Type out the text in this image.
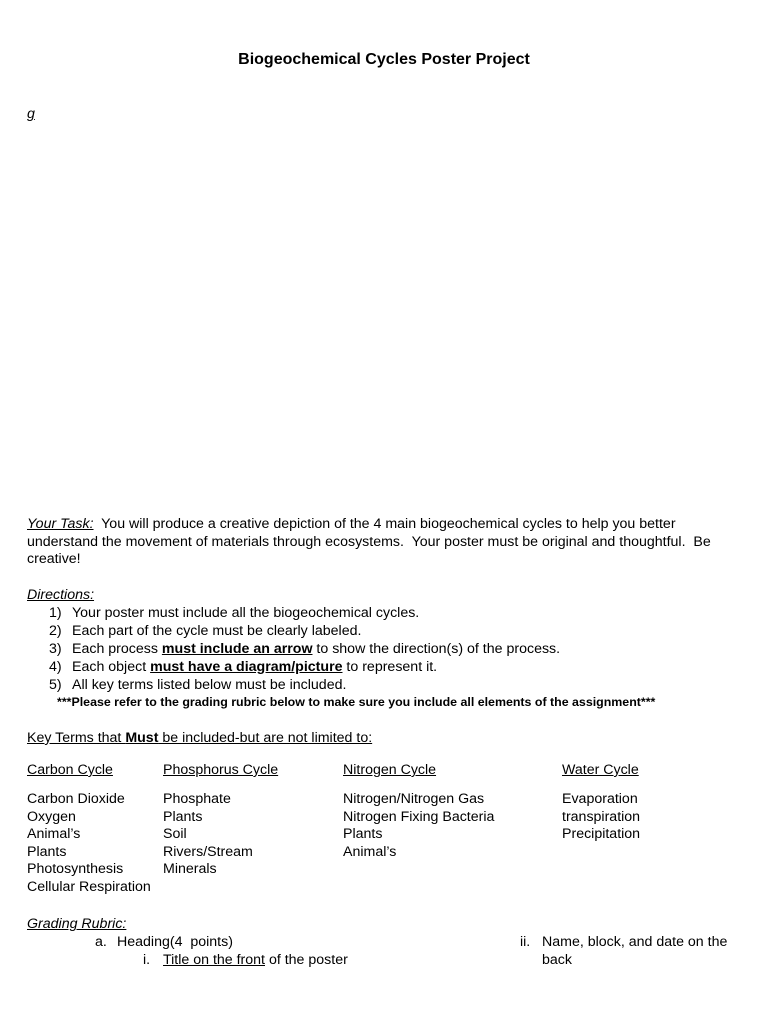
Biogeochemical Cycles Poster Project
g
Your Task:  You will produce a creative depiction of the 4 main biogeochemical cycles to help you better understand the movement of materials through ecosystems.  Your poster must be original and thoughtful.  Be creative!
Directions:
1) Your poster must include all the biogeochemical cycles.
2) Each part of the cycle must be clearly labeled.
3) Each process must include an arrow to show the direction(s) of the process.
4) Each object must have a diagram/picture to represent it.
5) All key terms listed below must be included.
***Please refer to the grading rubric below to make sure you include all elements of the assignment***
Key Terms that Must be included-but are not limited to:
Carbon Cycle
Carbon Dioxide
Oxygen
Animal’s
Plants
Photosynthesis
Cellular Respiration
Phosphorus Cycle
Phosphate
Plants
Soil
Rivers/Stream
Minerals
Nitrogen Cycle
Nitrogen/Nitrogen Gas
Nitrogen Fixing Bacteria
Plants
Animal’s
Water Cycle
Evaporation
transpiration
Precipitation
Grading Rubric:
a. Heading(4  points)
i. Title on the front of the poster
ii. Name, block, and date on the back
